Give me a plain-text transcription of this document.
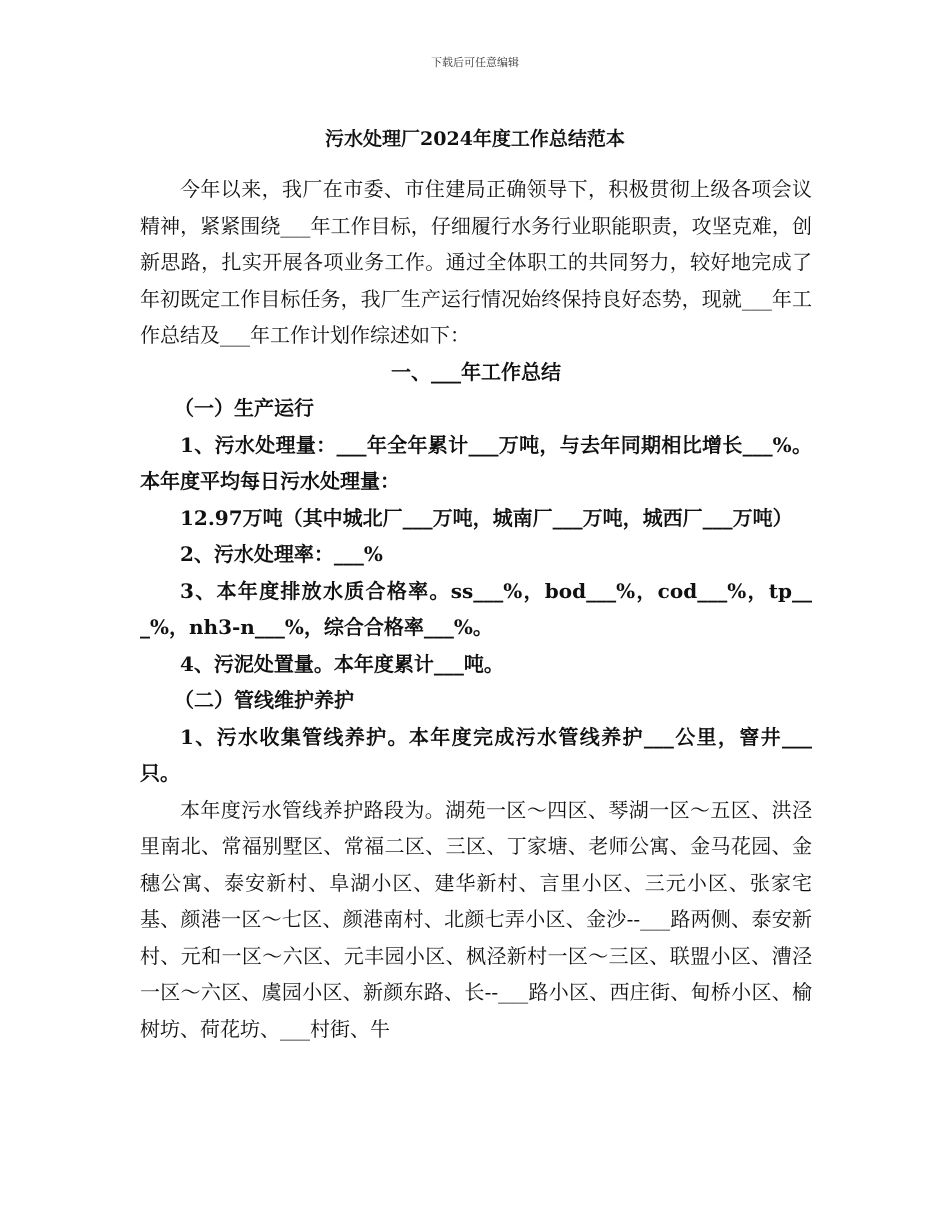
下载后可任意编辑
污水处理厂2024年度工作总结范本

今年以来，我厂在市委、市住建局正确领导下，积极贯彻上级各项会议精神，紧紧围绕___年工作目标，仔细履行水务行业职能职责，攻坚克难，创新思路，扎实开展各项业务工作。通过全体职工的共同努力，较好地完成了年初既定工作目标任务，我厂生产运行情况始终保持良好态势，现就___年工作总结及___年工作计划作综述如下：

一、___年工作总结

（一）生产运行

1、污水处理量：___年全年累计___万吨，与去年同期相比增长___%。本年度平均每日污水处理量：

12.97万吨（其中城北厂___万吨，城南厂___万吨，城西厂___万吨）

2、污水处理率：___%

3、本年度排放水质合格率。ss___%，bod___%，cod___%，tp___%，nh3-n___%，综合合格率___%。

4、污泥处置量。本年度累计___吨。

（二）管线维护养护

1、污水收集管线养护。本年度完成污水管线养护___公里，窨井___只。

本年度污水管线养护路段为。湖苑一区～四区、琴湖一区～五区、洪泾里南北、常福别墅区、常福二区、三区、丁家塘、老师公寓、金马花园、金穗公寓、泰安新村、阜湖小区、建华新村、言里小区、三元小区、张家宅基、颜港一区～七区、颜港南村、北颜七弄小区、金沙--___路两侧、泰安新村、元和一区～六区、元丰园小区、枫泾新村一区～三区、联盟小区、漕泾一区～六区、虞园小区、新颜东路、长--___路小区、西庄街、甸桥小区、榆树坊、荷花坊、___村街、牛
